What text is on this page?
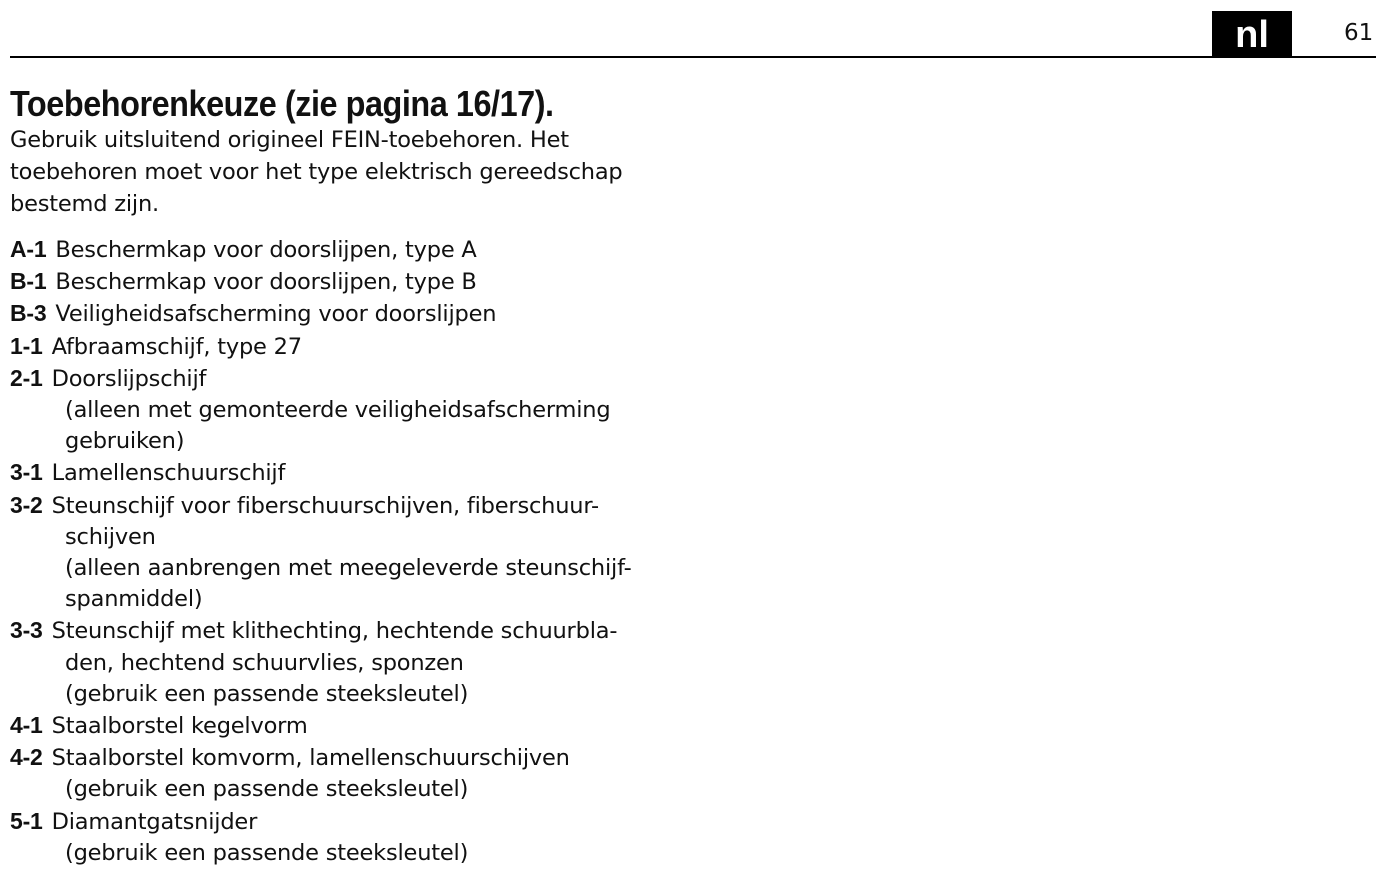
nl	61
Toebehorenkeuze (zie pagina 16/17).

Gebruik uitsluitend origineel FEIN-toebehoren. Het
toebehoren moet voor het type elektrisch gereedschap
bestemd zijn.

A-1 Beschermkap voor doorslijpen, type A
B-1 Beschermkap voor doorslijpen, type B
B-3 Veiligheidsafscherming voor doorslijpen
1-1 Afbraamschijf, type 27
2-1 Doorslijpschijf
(alleen met gemonteerde veiligheidsafscherming
gebruiken)
3-1 Lamellenschuurschijf
3-2 Steunschijf voor fiberschuurschijven, fiberschuur-
schijven
(alleen aanbrengen met meegeleverde steunschijf-
spanmiddel)
3-3 Steunschijf met klithechting, hechtende schuurbla-
den, hechtend schuurvlies, sponzen
(gebruik een passende steeksleutel)
4-1 Staalborstel kegelvorm
4-2 Staalborstel komvorm, lamellenschuurschijven
(gebruik een passende steeksleutel)
5-1 Diamantgatsnijder
(gebruik een passende steeksleutel)
